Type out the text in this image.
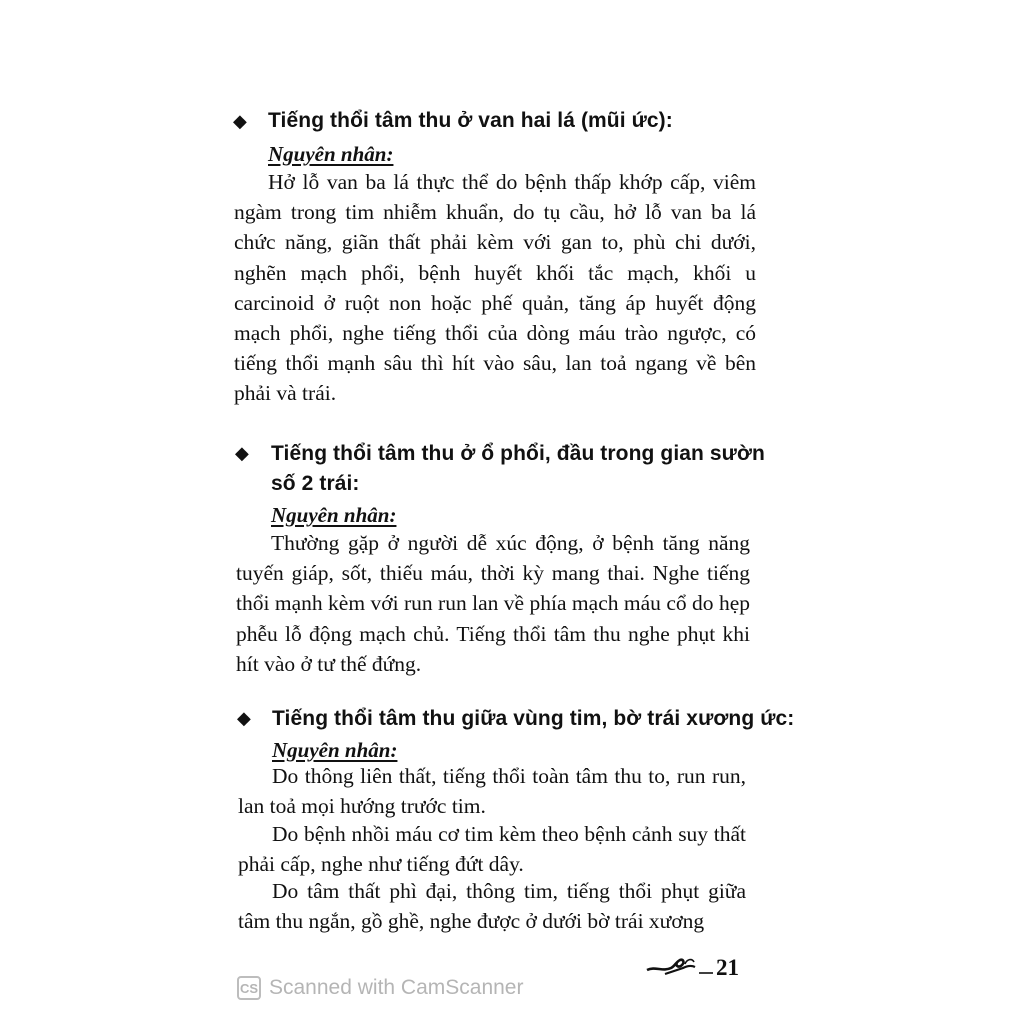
◆ Tiếng thổi tâm thu ở van hai lá (mũi ức):
Nguyên nhân:

Hở lỗ van ba lá thực thể do bệnh thấp khớp cấp, viêm ngàm trong tim nhiễm khuẩn, do tụ cầu, hở lỗ van ba lá chức năng, giãn thất phải kèm với gan to, phù chi dưới, nghẽn mạch phổi, bệnh huyết khối tắc mạch, khối u carcinoid ở ruột non hoặc phế quản, tăng áp huyết động mạch phổi, nghe tiếng thổi của dòng máu trào ngược, có tiếng thổi mạnh sâu thì hít vào sâu, lan toả ngang về bên phải và trái.

◆ Tiếng thổi tâm thu ở ổ phổi, đầu trong gian sườn
số 2 trái:
Nguyên nhân:

Thường gặp ở người dễ xúc động, ở bệnh tăng năng tuyến giáp, sốt, thiếu máu, thời kỳ mang thai. Nghe tiếng thổi mạnh kèm với run run lan về phía mạch máu cổ do hẹp phễu lỗ động mạch chủ. Tiếng thổi tâm thu nghe phụt khi hít vào ở tư thế đứng.

◆ Tiếng thổi tâm thu giữa vùng tim, bờ trái xương ức:
Nguyên nhân:

Do thông liên thất, tiếng thổi toàn tâm thu to, run run, lan toả mọi hướng trước tim.

Do bệnh nhồi máu cơ tim kèm theo bệnh cảnh suy thất phải cấp, nghe như tiếng đứt dây.

Do tâm thất phì đại, thông tim, tiếng thổi phụt giữa tâm thu ngắn, gồ ghề, nghe được ở dưới bờ trái xương

21
CS Scanned with CamScanner
